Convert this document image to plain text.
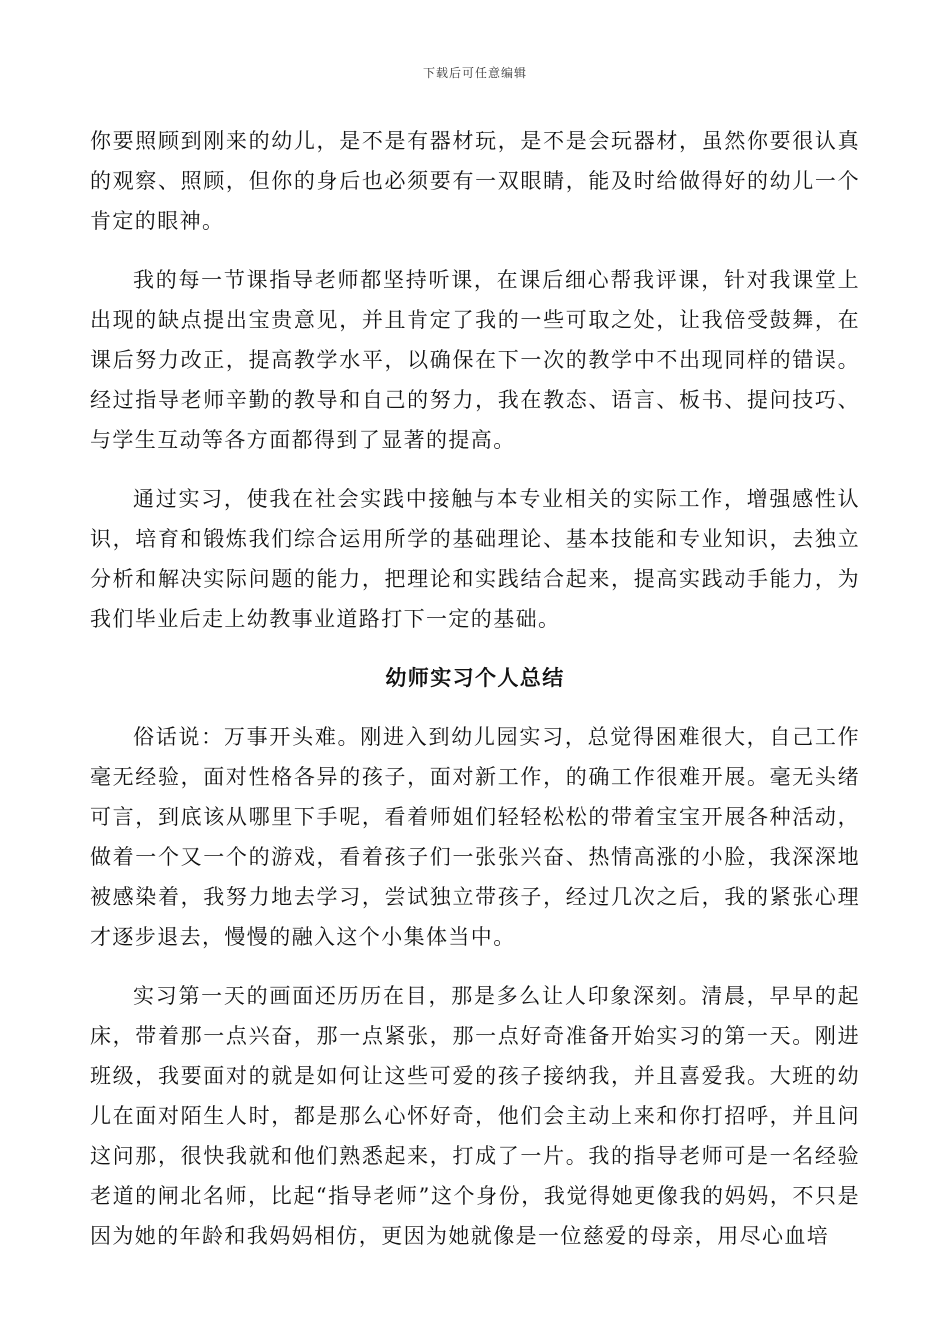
下载后可任意编辑

你要照顾到刚来的幼儿，是不是有器材玩，是不是会玩器材，虽然你要很认真的观察、照顾，但你的身后也必须要有一双眼睛，能及时给做得好的幼儿一个肯定的眼神。

我的每一节课指导老师都坚持听课，在课后细心帮我评课，针对我课堂上出现的缺点提出宝贵意见，并且肯定了我的一些可取之处，让我倍受鼓舞，在课后努力改正，提高教学水平，以确保在下一次的教学中不出现同样的错误。经过指导老师辛勤的教导和自己的努力，我在教态、语言、板书、提问技巧、与学生互动等各方面都得到了显著的提高。

通过实习，使我在社会实践中接触与本专业相关的实际工作，增强感性认识，培育和锻炼我们综合运用所学的基础理论、基本技能和专业知识，去独立分析和解决实际问题的能力，把理论和实践结合起来，提高实践动手能力，为我们毕业后走上幼教事业道路打下一定的基础。

幼师实习个人总结

俗话说：万事开头难。刚进入到幼儿园实习，总觉得困难很大，自己工作毫无经验，面对性格各异的孩子，面对新工作，的确工作很难开展。毫无头绪可言，到底该从哪里下手呢，看着师姐们轻轻松松的带着宝宝开展各种活动，做着一个又一个的游戏，看着孩子们一张张兴奋、热情高涨的小脸，我深深地被感染着，我努力地去学习，尝试独立带孩子，经过几次之后，我的紧张心理才逐步退去，慢慢的融入这个小集体当中。

实习第一天的画面还历历在目，那是多么让人印象深刻。清晨，早早的起床，带着那一点兴奋，那一点紧张，那一点好奇准备开始实习的第一天。刚进班级，我要面对的就是如何让这些可爱的孩子接纳我，并且喜爱我。大班的幼儿在面对陌生人时，都是那么心怀好奇，他们会主动上来和你打招呼，并且问这问那，很快我就和他们熟悉起来，打成了一片。我的指导老师可是一名经验老道的闸北名师，比起“指导老师”这个身份，我觉得她更像我的妈妈，不只是因为她的年龄和我妈妈相仿，更因为她就像是一位慈爱的母亲，用尽心血培
